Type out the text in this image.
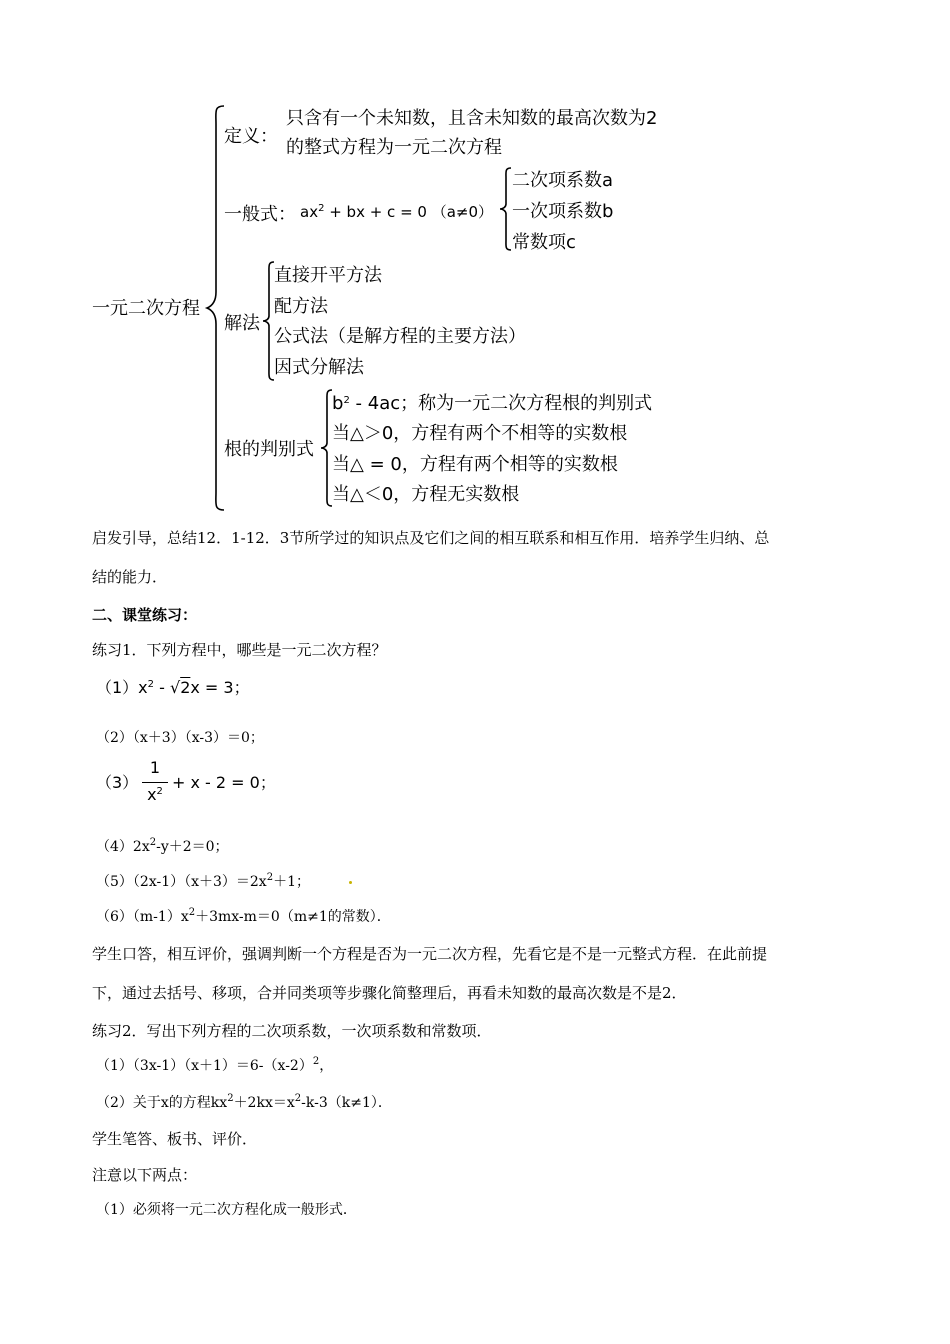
一元二次方程
定义：
只含有一个未知数，且含未知数的最高次数为2
的整式方程为一元二次方程
一般式： $ax^2$ + bx + c = 0 （a≠0）
二次项系数a
一次项系数b
常数项c
解法
直接开平方法
配方法
公式法（是解方程的主要方法）
因式分解法
根的判别式
$b^2 - 4ac$；称为一元二次方程根的判别式
当△＞0，方程有两个不相等的实数根
当△ = 0，方程有两个相等的实数根
当△＜0，方程无实数根
启发引导，总结12．1-12．3节所学过的知识点及它们之间的相互联系和相互作用．培养学生归纳、总
结的能力．
二、课堂练习：
练习1．下列方程中，哪些是一元二次方程？
$(1)x^2 - √2x = 3$；
（2）（x＋3）（x-3）＝0；
（3）
1
$x^2 + x - 2 = 0$；
$(4)2x^2-y+2=0$；
$(5)(2x-1)(x+3)=2x^2+1$；
$(6)(m-1)x^2+3mx-m=0(m\ne 1$的常数）．
学生口答，相互评价，强调判断一个方程是否为一元二次方程，先看它是不是一元整式方程．在此前提
下，通过去括号、移项，合并同类项等步骤化简整理后，再看未知数的最高次数是不是2．
练习2．写出下列方程的二次项系数，一次项系数和常数项．
$(1)(3x-1)(x+1)=6-(x-2)^2$，
（2）关于x的方程$kx^2+2kx=x^2-k-3(k\ne 1)$．
学生笔答、板书、评价．
注意以下两点：
（1）必须将一元二次方程化成一般形式．
